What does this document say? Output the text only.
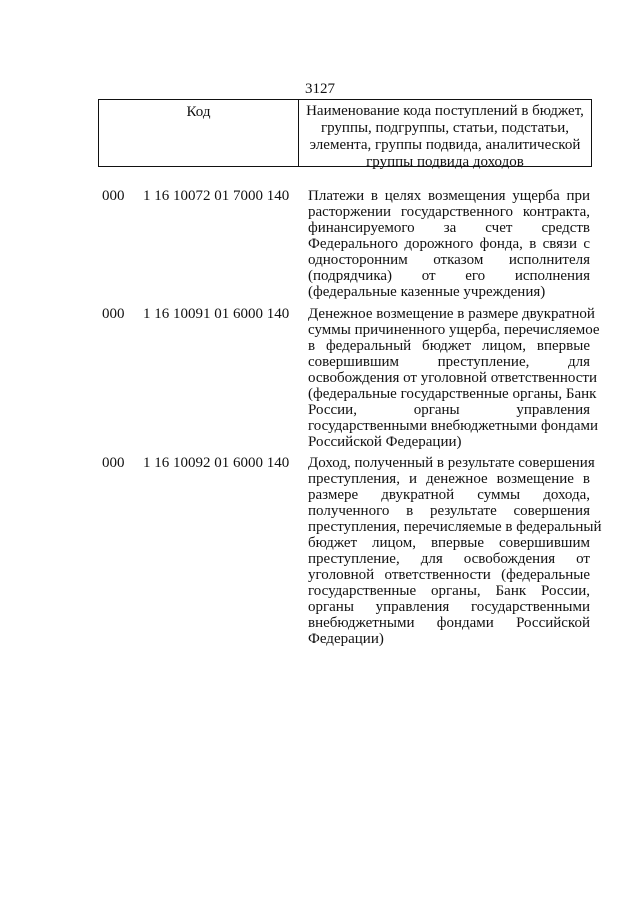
3127
Код	Наименование кода поступлений в бюджет, группы, подгруппы, статьи, подстатьи, элемента, группы подвида, аналитической группы подвида доходов
000	1 16 10072 01 7000 140	Платежи в целях возмещения ущерба при
расторжении государственного контракта,
финансируемого за счет средств
Федерального дорожного фонда, в связи с
односторонним отказом исполнителя
(подрядчика) от его исполнения
(федеральные казенные учреждения)
000	1 16 10091 01 6000 140	Денежное возмещение в размере двукратной
суммы причиненного ущерба, перечисляемое
в федеральный бюджет лицом, впервые
совершившим преступление, для
освобождения от уголовной ответственности
(федеральные государственные органы, Банк
России, органы управления
государственными внебюджетными фондами
Российской Федерации)
000	1 16 10092 01 6000 140	Доход, полученный в результате совершения
преступления, и денежное возмещение в
размере двукратной суммы дохода,
полученного в результате совершения
преступления, перечисляемые в федеральный
бюджет лицом, впервые совершившим
преступление, для освобождения от
уголовной ответственности (федеральные
государственные органы, Банк России,
органы управления государственными
внебюджетными фондами Российской
Федерации)
